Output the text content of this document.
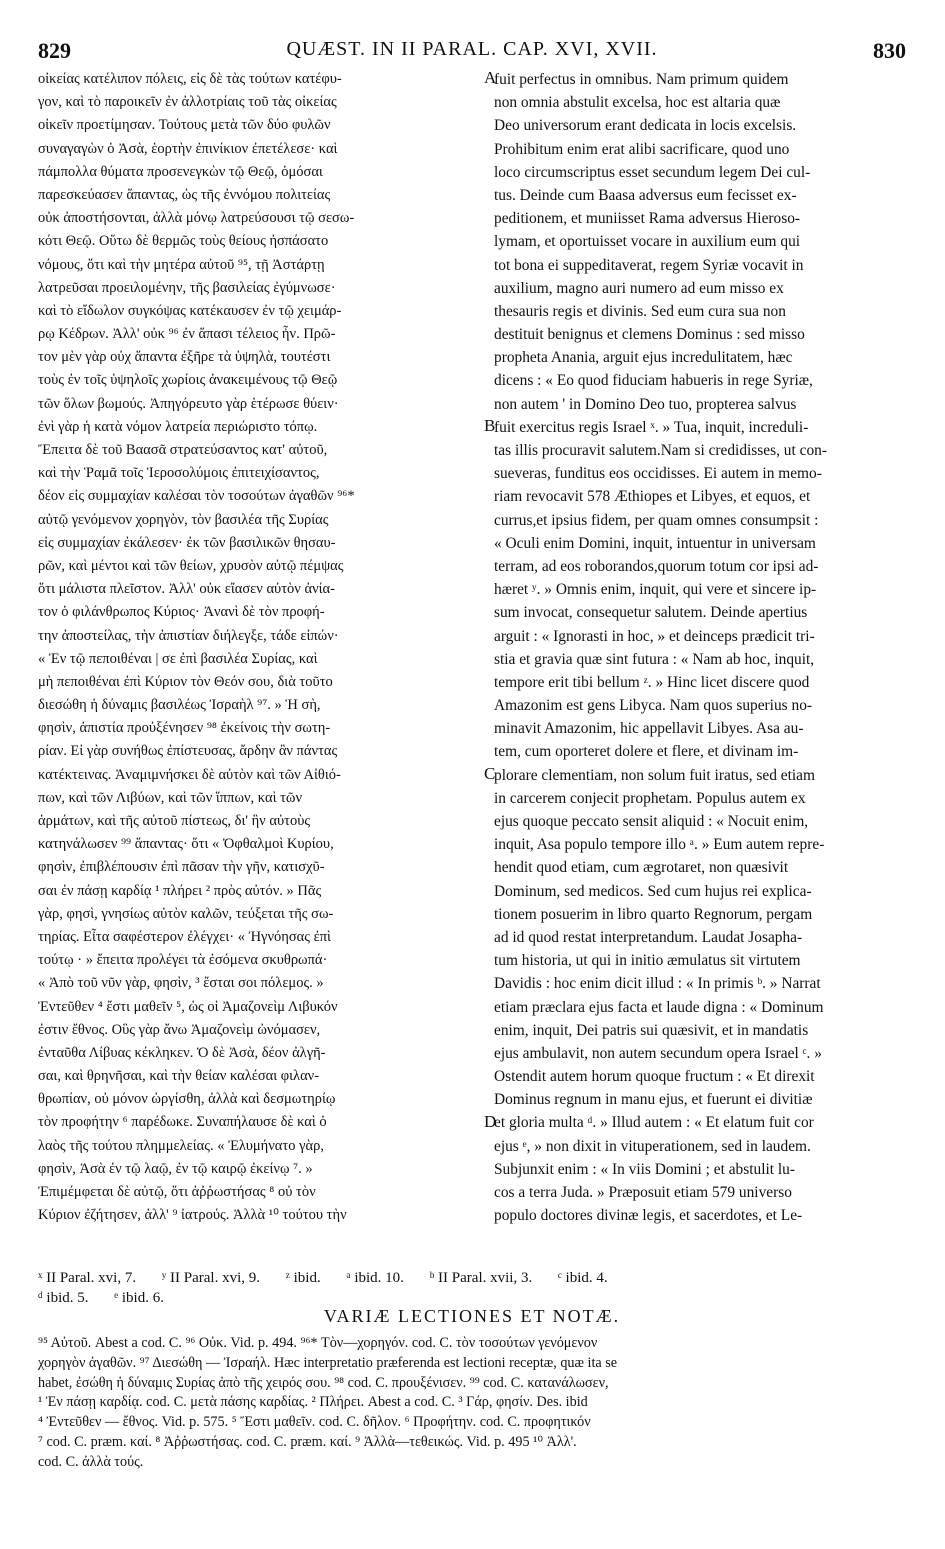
829	QUÆST. IN II PARAL. CAP. XVI, XVII.	830
οἰκείας κατέλιπον πόλεις, εἰς δὲ τὰς τούτων κατέφυ-
γον, καὶ τὸ παροικεῖν ἐν ἀλλοτρίαις τοῦ τὰς οἰκείας
οἰκεῖν προετίμησαν. Τούτους μετὰ τῶν δύο φυλῶν
συναγαγὼν ὁ Ἀσὰ, ἑορτὴν ἐπινίκιον ἐπετέλεσε· καὶ
πάμπολλα θύματα προσενεγκὼν τῷ Θεῷ, ὁμόσαι
παρεσκεύασεν ἅπαντας, ὡς τῆς ἐννόμου πολιτείας
οὐκ ἀποστήσονται, ἀλλὰ μόνῳ λατρεύσουσι τῷ σεσω-
κότι Θεῷ. Οὕτω δὲ θερμῶς τοὺς θείους ἠσπάσατο
νόμους, ὅτι καὶ τὴν μητέρα αὐτοῦ ⁹⁵, τῇ Ἀστάρτῃ
λατρεῦσαι προειλομένην, τῆς βασιλείας ἐγύμνωσε·
καὶ τὸ εἴδωλον συγκόψας κατέκαυσεν ἐν τῷ χειμάρ-
ρῳ Κέδρων. Ἀλλ' οὐκ ⁹⁶ ἐν ἅπασι τέλειος ἦν. Πρῶ-
τον μὲν γὰρ οὐχ ἅπαντα ἐξῆρε τὰ ὑψηλὰ, τουτέστι
τοὺς ἐν τοῖς ὑψηλοῖς χωρίοις ἀνακειμένους τῷ Θεῷ
τῶν ὅλων βωμούς. Ἀπηγόρευτο γὰρ ἑτέρωσε θύειν·
ἐνὶ γὰρ ἡ κατὰ νόμον λατρεία περιώριστο τόπῳ.
Ἔπειτα δὲ τοῦ Βαασᾶ στρατεύσαντος κατ' αὐτοῦ,
καὶ τὴν Ῥαμᾶ τοῖς Ἱεροσολύμοις ἐπιτειχίσαντος,
δέον εἰς συμμαχίαν καλέσαι τὸν τοσούτων ἀγαθῶν ⁹⁶*
αὐτῷ γενόμενον χορηγὸν, τὸν βασιλέα τῆς Συρίας
εἰς συμμαχίαν ἐκάλεσεν· ἐκ τῶν βασιλικῶν θησαυ-
ρῶν, καὶ μέντοι καὶ τῶν θείων, χρυσὸν αὐτῷ πέμψας
ὅτι μάλιστα πλεῖστον. Ἀλλ' οὐκ εἴασεν αὐτὸν ἀνία-
τον ὁ φιλάνθρωπος Κύριος· Ἀνανὶ δὲ τὸν προφή-
την ἀποστείλας, τὴν ἀπιστίαν διήλεγξε, τάδε εἰπών·
« Ἐν τῷ πεποιθέναι | σε ἐπὶ βασιλέα Συρίας, καὶ
μὴ πεποιθέναι ἐπὶ Κύριον τὸν Θεόν σου, διὰ τοῦτο
διεσώθη ἡ δύναμις βασιλέως Ἰσραὴλ ⁹⁷. » Ἡ σὴ,
φησὶν, ἀπιστία προὐξένησεν ⁹⁸ ἐκείνοις τὴν σωτη-
ρίαν. Εἰ γὰρ συνήθως ἐπίστευσας, ἄρδην ἂν πάντας
κατέκτεινας. Ἀναμιμνήσκει δὲ αὐτὸν καὶ τῶν Αἰθιό-
πων, καὶ τῶν Λιβύων, καὶ τῶν ἵππων, καὶ τῶν
ἁρμάτων, καὶ τῆς αὐτοῦ πίστεως, δι' ἣν αὐτοὺς
κατηνάλωσεν ⁹⁹ ἅπαντας· ὅτι « Ὀφθαλμοὶ Κυρίου,
φησὶν, ἐπιβλέπουσιν ἐπὶ πᾶσαν τὴν γῆν, κατισχῦ-
σαι ἐν πάσῃ καρδίᾳ ¹ πλήρει ² πρὸς αὐτόν. » Πᾶς
γὰρ, φησὶ, γνησίως αὐτὸν καλῶν, τεύξεται τῆς σω-
τηρίας. Εἶτα σαφέστερον ἐλέγχει· « Ἠγνόησας ἐπὶ
τούτῳ · » ἔπειτα προλέγει τὰ ἐσόμενα σκυθρωπά·
« Ἀπὸ τοῦ νῦν γὰρ, φησὶν, ³ ἔσται σοι πόλεμος. »
Ἐντεῦθεν ⁴ ἔστι μαθεῖν ⁵, ὡς οἱ Ἀμαζονεὶμ Λιβυκόν
ἐστιν ἔθνος. Οὓς γὰρ ἄνω Ἀμαζονεὶμ ὠνόμασεν,
ἐνταῦθα Λίβυας κέκληκεν. Ὁ δὲ Ἀσὰ, δέον ἀλγῆ-
σαι, καὶ θρηνῆσαι, καὶ τὴν θείαν καλέσαι φιλαν-
θρωπίαν, οὐ μόνον ὠργίσθη, ἀλλὰ καὶ δεσμωτηρίῳ
τὸν προφήτην ⁶ παρέδωκε. Συναπήλαυσε δὲ καὶ ὁ
λαὸς τῆς τούτου πλημμελείας. « Ἐλυμήνατο γὰρ,
φησὶν, Ἀσὰ ἐν τῷ λαῷ, ἐν τῷ καιρῷ ἐκείνῳ ⁷. »
Ἐπιμέμφεται δὲ αὐτῷ, ὅτι ἀῤῥωστήσας ⁸ οὐ τὸν
Κύριον ἐζήτησεν, ἀλλ' ⁹ ἰατρούς. Ἀλλὰ ¹⁰ τούτου τὴν
fuit perfectus in omnibus. Nam primum quidem
non omnia abstulit excelsa, hoc est altaria quæ
Deo universorum erant dedicata in locis excelsis.
Prohibitum enim erat alibi sacrificare, quod uno
loco circumscriptus esset secundum legem Dei cul-
tus. Deinde cum Baasa adversus eum fecisset ex-
peditionem, et muniisset Rama adversus Hieroso-
lymam, et oportuisset vocare in auxilium eum qui
tot bona ei suppeditaverat, regem Syriæ vocavit in
auxilium, magno auri numero ad eum misso ex
thesauris regis et divinis. Sed eum cura sua non
destituit benignus et clemens Dominus : sed misso
propheta Anania, arguit ejus incredulitatem, hæc
dicens : « Eo quod fiduciam habueris in rege Syriæ,
non autem ' in Domino Deo tuo, propterea salvus
fuit exercitus regis Israel ˣ. » Tua, inquit, increduli-
tas illis procuravit salutem.Nam si credidisses, ut con-
sueveras, funditus eos occidisses. Ei autem in memo-
riam revocavit 578 Æthiopes et Libyes, et equos, et
currus,et ipsius fidem, per quam omnes consumpsit :
« Oculi enim Domini, inquit, intuentur in universam
terram, ad eos roborandos,quorum totum cor ipsi ad-
hæret ʸ. » Omnis enim, inquit, qui vere et sincere ip-
sum invocat, consequetur salutem. Deinde apertius
arguit : « Ignorasti in hoc, » et deinceps prædicit tri-
stia et gravia quæ sint futura : « Nam ab hoc, inquit,
tempore erit tibi bellum ᶻ. » Hinc licet discere quod
Amazonim est gens Libyca. Nam quos superius no-
minavit Amazonim, hic appellavit Libyes. Asa au-
tem, cum oporteret dolere et flere, et divinam im-
plorare clementiam, non solum fuit iratus, sed etiam
in carcerem conjecit prophetam. Populus autem ex
ejus quoque peccato sensit aliquid : « Nocuit enim,
inquit, Asa populo tempore illo ᵃ. » Eum autem repre-
hendit quod etiam, cum ægrotaret, non quæsivit
Dominum, sed medicos. Sed cum hujus rei explica-
tionem posuerim in libro quarto Regnorum, pergam
ad id quod restat interpretandum. Laudat Josapha-
tum historia, ut qui in initio æmulatus sit virtutem
Davidis : hoc enim dicit illud : « In primis ᵇ. » Narrat
etiam præclara ejus facta et laude digna : « Dominum
enim, inquit, Dei patris sui quæsivit, et in mandatis
ejus ambulavit, non autem secundum opera Israel ᶜ. »
Ostendit autem horum quoque fructum : « Et direxit
Dominus regnum in manu ejus, et fuerunt ei divitiæ
et gloria multa ᵈ. » Illud autem : « Et elatum fuit cor
ejus ᵉ, » non dixit in vituperationem, sed in laudem.
Subjunxit enim : « In viis Domini ; et abstulit lu-
cos a terra Juda. » Præposuit etiam 579 universo
populo doctores divinæ legis, et sacerdotes, et Le-
A
B
C
D
ˣ II Paral. xvi, 7. ʸ II Paral. xvi, 9. ᶻ ibid. ᵃ ibid. 10. ᵇ II Paral. xvii, 3. ᶜ ibid. 4.
ᵈ ibid. 5. ᵉ ibid. 6.
VARIÆ LECTIONES ET NOTÆ.
⁹⁵ Αὐτοῦ. Abest a cod. C. ⁹⁶ Οὐκ. Vid. p. 494. ⁹⁶* Τὸν—χορηγόν. cod. C. τὸν τοσούτων γενόμενον
χορηγὸν ἀγαθῶν. ⁹⁷ Διεσώθη — Ἰσραήλ. Hæc interpretatio præferenda est lectioni receptæ, quæ ita se
habet, ἐσώθη ἡ δύναμις Συρίας ἀπὸ τῆς χειρός σου. ⁹⁸ cod. C. προυξένισεν. ⁹⁹ cod. C. κατανάλωσεν,
¹ Ἐν πάσῃ καρδίᾳ. cod. C. μετὰ πάσης καρδίας. ² Πλήρει. Abest a cod. C. ³ Γάρ, φησίν. Des. ibid
⁴ Ἐντεῦθεν — ἔθνος. Vid. p. 575. ⁵ Ἔστι μαθεῖν. cod. C. δῆλον. ⁶ Προφήτην. cod. C. προφητικόν
⁷ cod. C. præm. καί. ⁸ Ἀῤῥωστήσας. cod. C. præm. καί. ⁹ Ἀλλὰ—τεθεικώς. Vid. p. 495 ¹⁰ Ἀλλ'.
cod. C. ἀλλὰ τούς.
